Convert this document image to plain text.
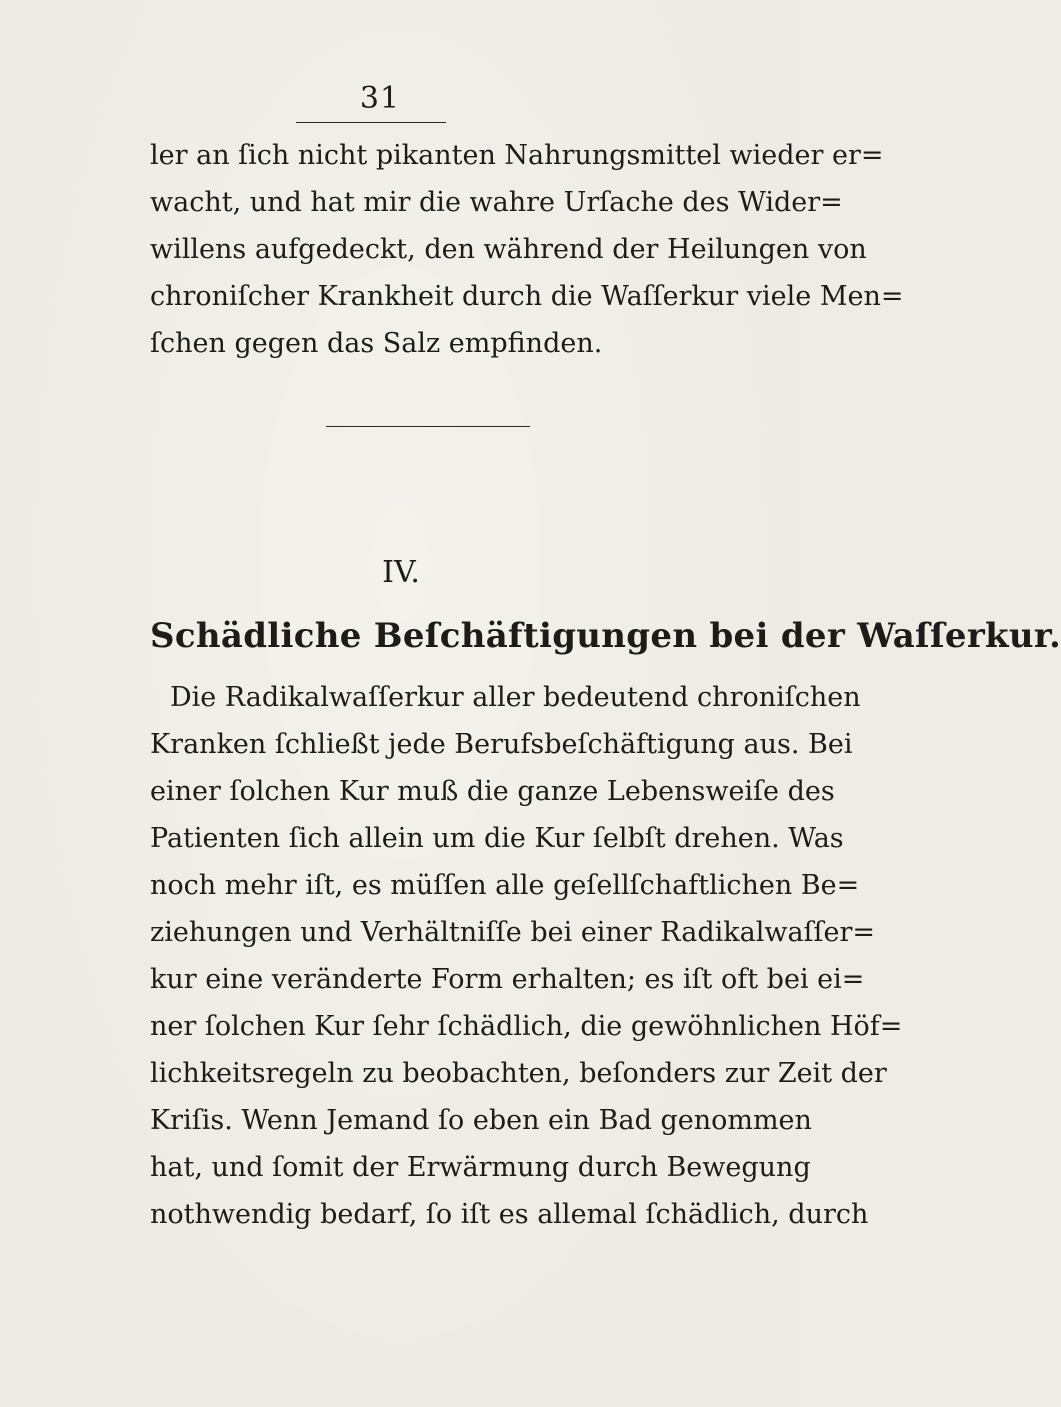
31
ler an ſich nicht pikanten Nahrungsmittel wieder er=
wacht, und hat mir die wahre Urſache des Wider=
willens aufgedeckt, den während der Heilungen von
chroniſcher Krankheit durch die Waſſerkur viele Men=
ſchen gegen das Salz empfinden.
IV.
Schädliche Beſchäftigungen bei der Waſſerkur.
Die Radikalwaſſerkur aller bedeutend chroniſchen
Kranken ſchließt jede Berufsbeſchäftigung aus. Bei
einer ſolchen Kur muß die ganze Lebensweiſe des
Patienten ſich allein um die Kur ſelbſt drehen. Was
noch mehr iſt, es müſſen alle geſellſchaftlichen Be=
ziehungen und Verhältniſſe bei einer Radikalwaſſer=
kur eine veränderte Form erhalten; es iſt oft bei ei=
ner ſolchen Kur ſehr ſchädlich, die gewöhnlichen Höf=
lichkeitsregeln zu beobachten, beſonders zur Zeit der
Kriſis. Wenn Jemand ſo eben ein Bad genommen
hat, und ſomit der Erwärmung durch Bewegung
nothwendig bedarf, ſo iſt es allemal ſchädlich, durch
